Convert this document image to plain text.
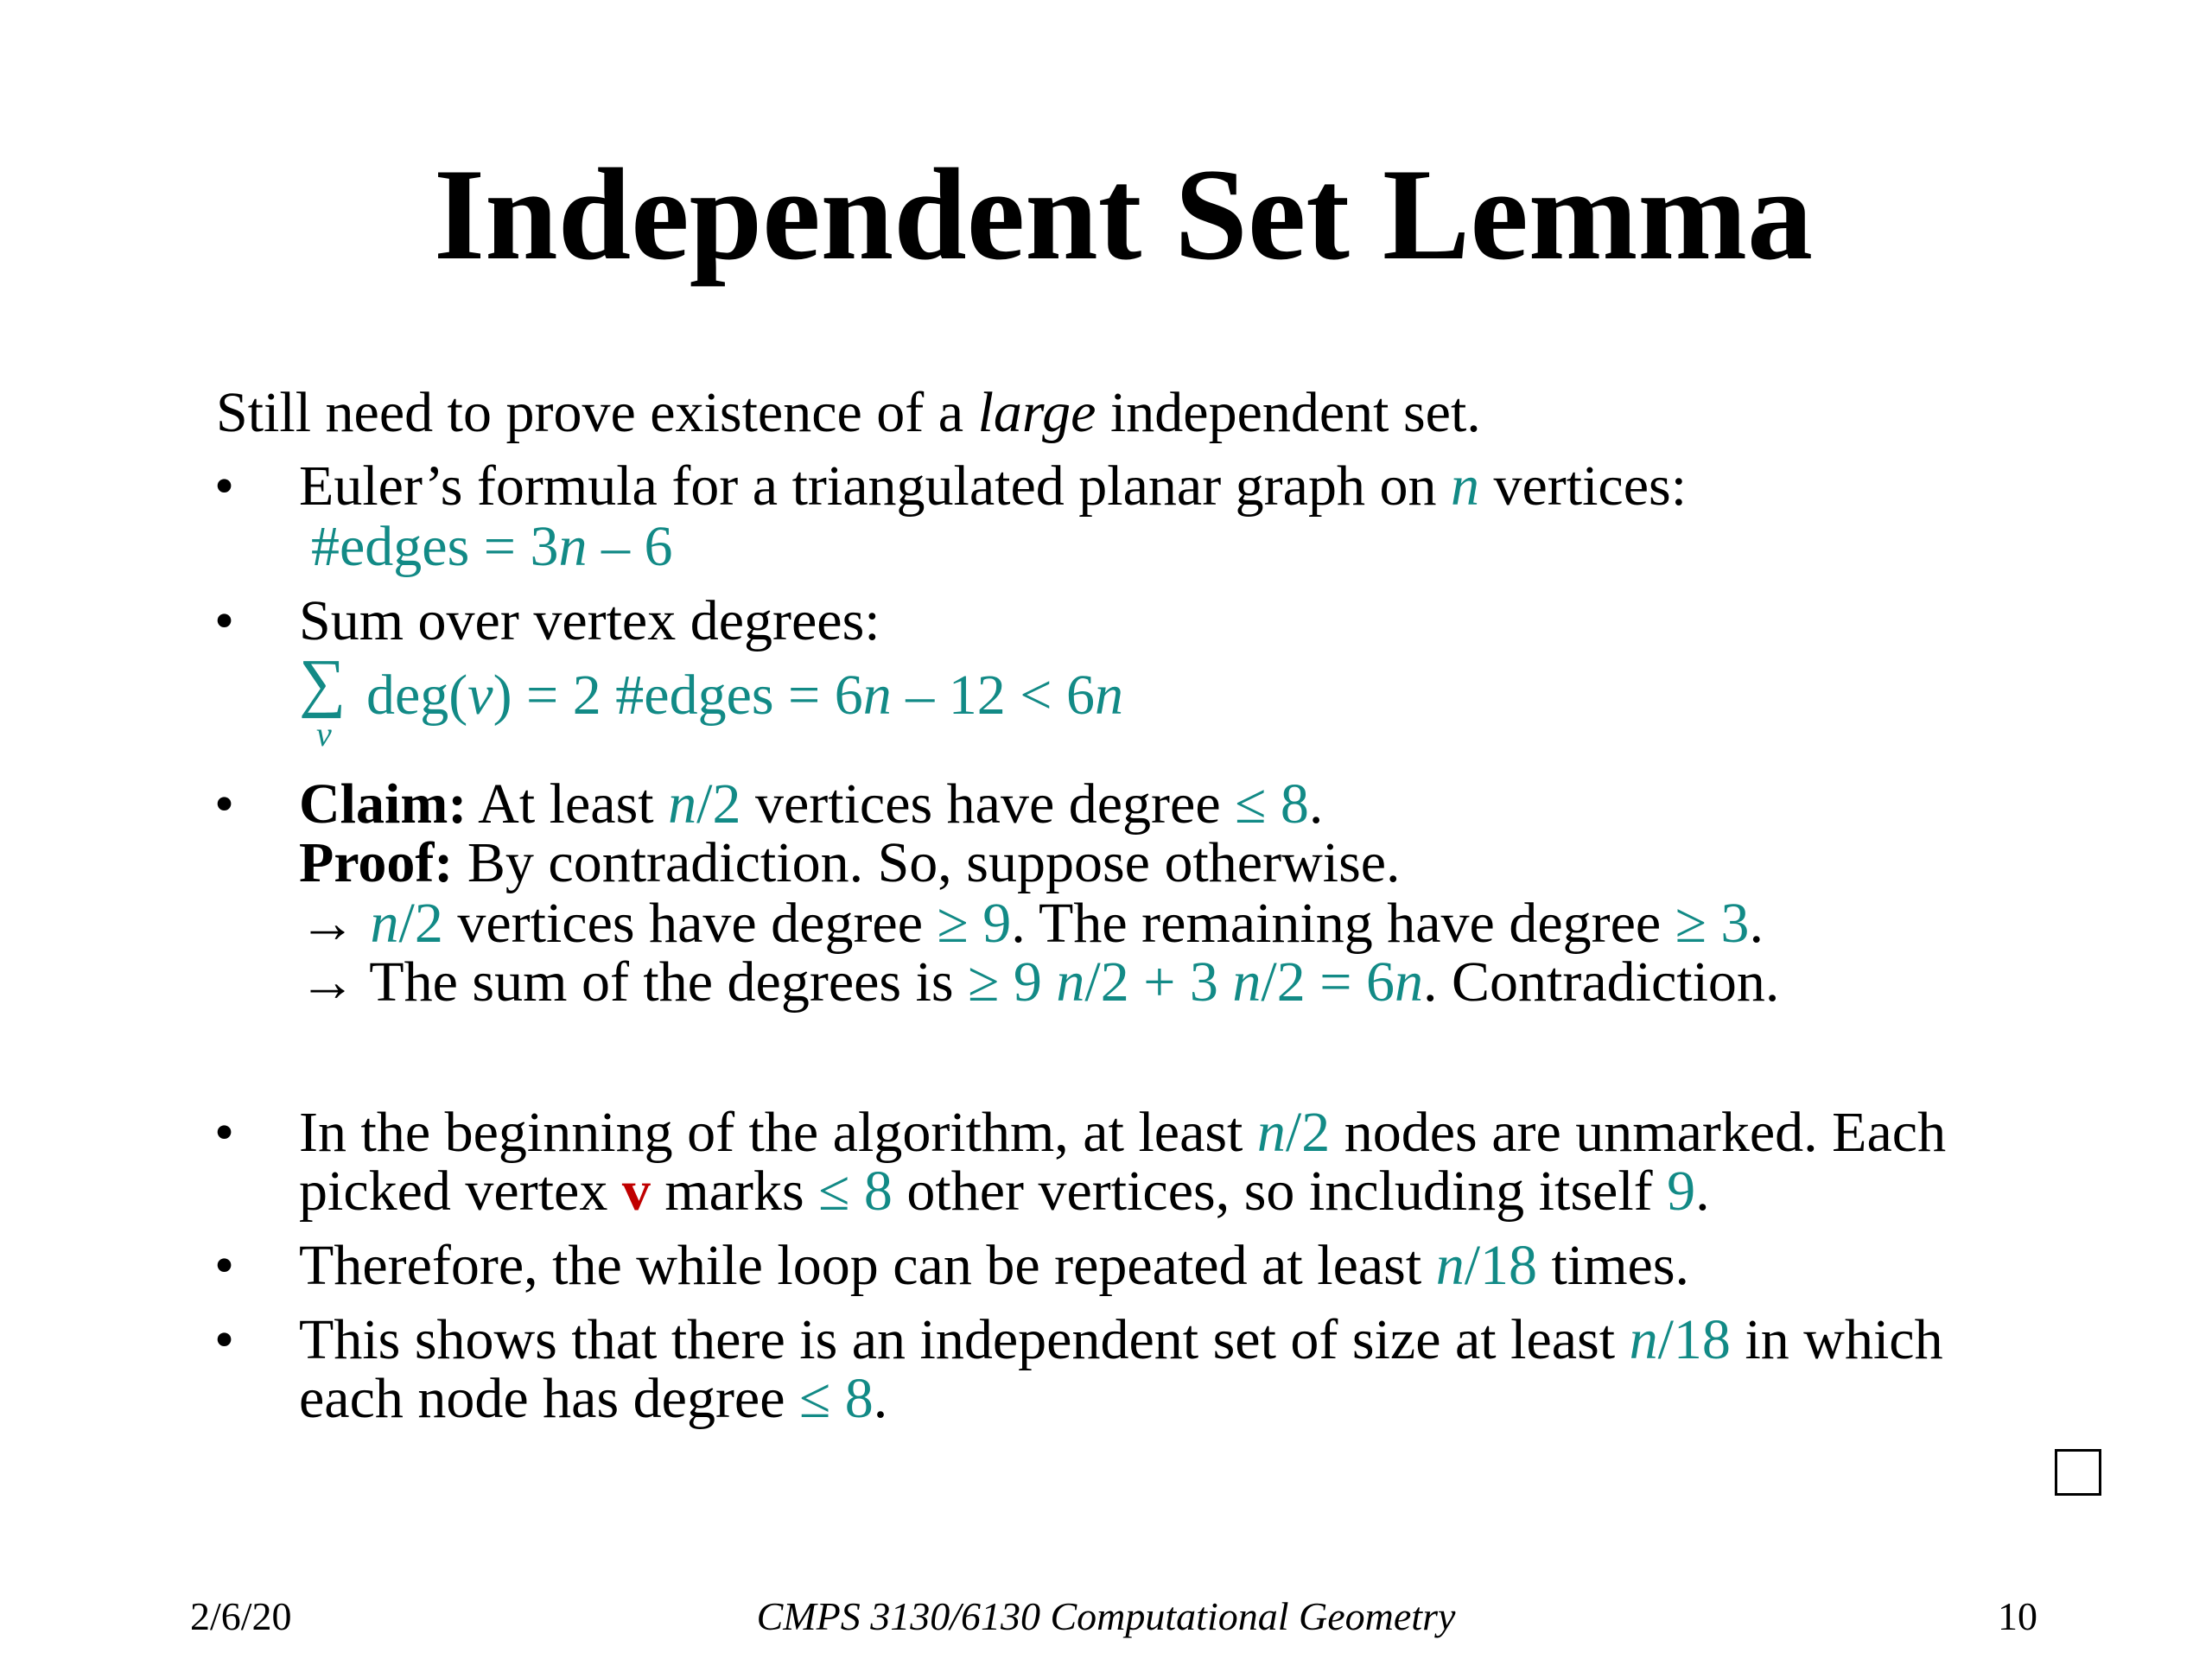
Independent Set Lemma
Still need to prove existence of a large independent set.
• Euler’s formula for a triangulated planar graph on n vertices:
#edges = 3n – 6
• Sum over vertex degrees:
∑
v
deg(v) = 2 #edges = 6n – 12 < 6n
• Claim: At least n/2 vertices have degree ≤ 8.
Proof: By contradiction. So, suppose otherwise.
→ n/2 vertices have degree ≥ 9. The remaining have degree ≥ 3.
→ The sum of the degrees is ≥ 9 n/2 + 3 n/2 = 6n. Contradiction.
• In the beginning of the algorithm, at least n/2 nodes are unmarked. Each
picked vertex v marks ≤ 8 other vertices, so including itself 9.
• Therefore, the while loop can be repeated at least n/18 times.
• This shows that there is an independent set of size at least n/18 in which
each node has degree ≤ 8.
2/6/20	CMPS 3130/6130 Computational Geometry	10
